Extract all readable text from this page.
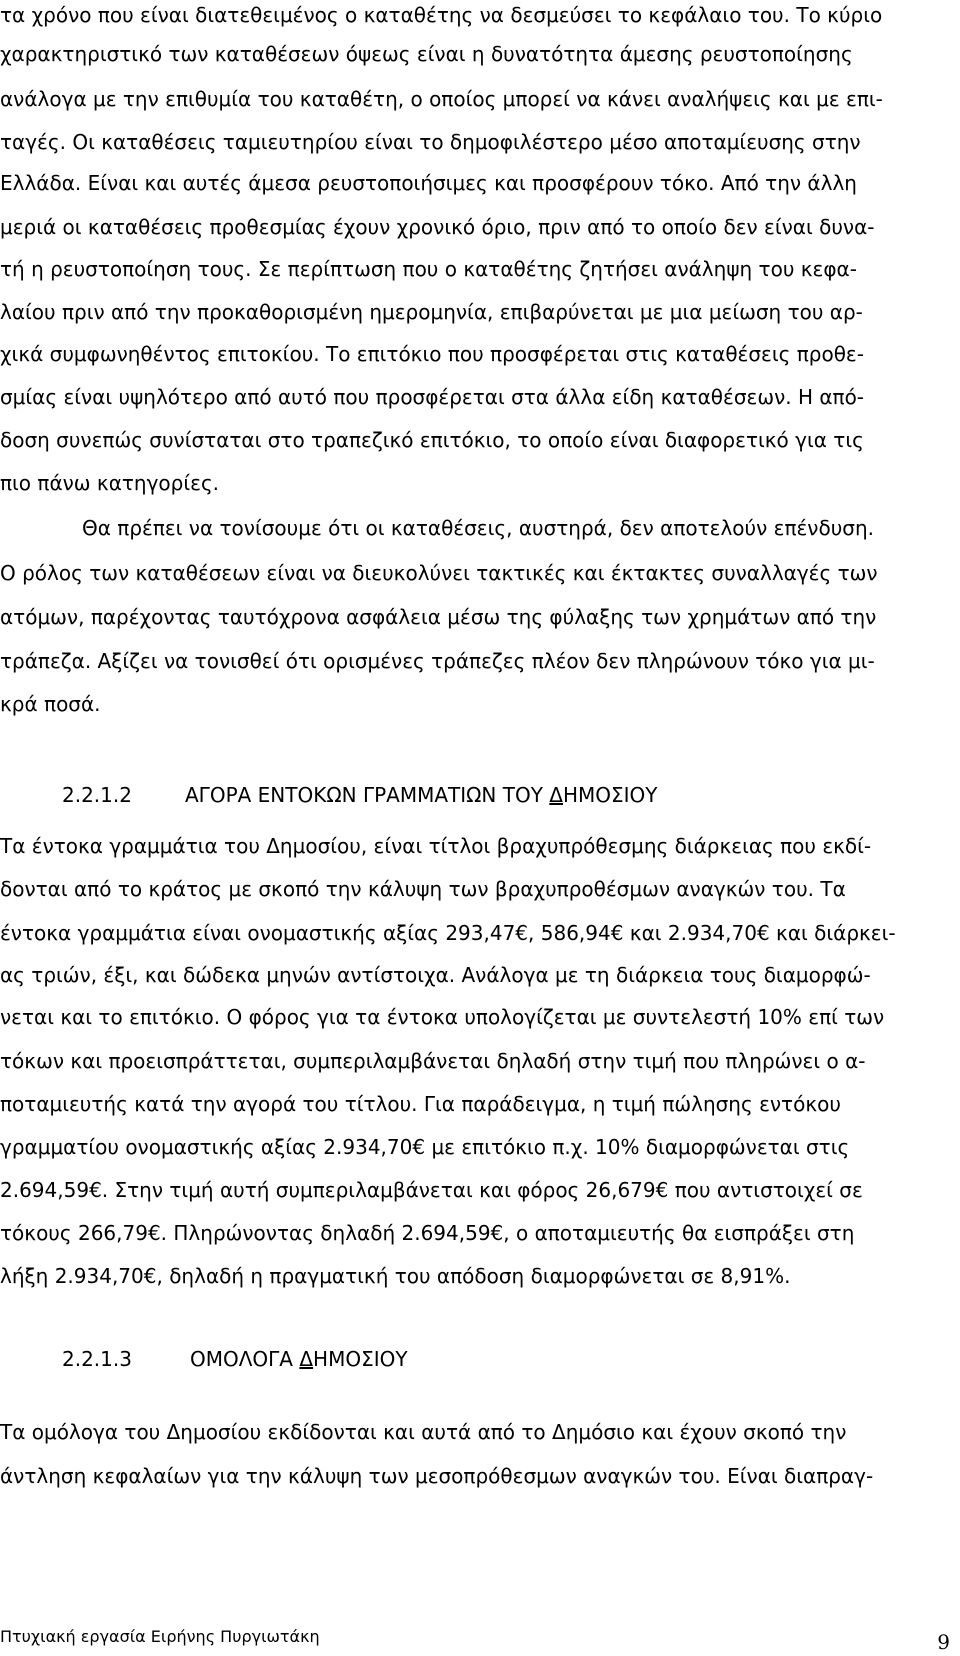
τα χρόνο που είναι διατεθειμένος ο καταθέτης να δεσμεύσει το κεφάλαιο του. Το κύριο
χαρακτηριστικό των καταθέσεων όψεως είναι η δυνατότητα άμεσης ρευστοποίησης
ανάλογα με την επιθυμία του καταθέτη, ο οποίος μπορεί να κάνει αναλήψεις και με επι-
ταγές. Οι καταθέσεις ταμιευτηρίου είναι το δημοφιλέστερο μέσο αποταμίευσης στην
Ελλάδα. Είναι και αυτές άμεσα ρευστοποιήσιμες και προσφέρουν τόκο. Από την άλλη
μεριά οι καταθέσεις προθεσμίας έχουν χρονικό όριο, πριν από το οποίο δεν είναι δυνα-
τή η ρευστοποίηση τους. Σε περίπτωση που ο καταθέτης ζητήσει ανάληψη του κεφα-
λαίου πριν από την προκαθορισμένη ημερομηνία, επιβαρύνεται με μια μείωση του αρ-
χικά συμφωνηθέντος επιτοκίου. Το επιτόκιο που προσφέρεται στις καταθέσεις προθε-
σμίας είναι υψηλότερο από αυτό που προσφέρεται στα άλλα είδη καταθέσεων. Η από-
δοση συνεπώς συνίσταται στο τραπεζικό επιτόκιο, το οποίο είναι διαφορετικό για τις
πιο πάνω κατηγορίες.
Θα πρέπει να τονίσουμε ότι οι καταθέσεις, αυστηρά, δεν αποτελούν επένδυση.
Ο ρόλος των καταθέσεων είναι να διευκολύνει τακτικές και έκτακτες συναλλαγές των
ατόμων, παρέχοντας ταυτόχρονα ασφάλεια μέσω της φύλαξης των χρημάτων από την
τράπεζα. Αξίζει να τονισθεί ότι ορισμένες τράπεζες πλέον δεν πληρώνουν τόκο για μι-
κρά ποσά.
2.2.1.2	ΑΓΟΡΑ ΕΝΤΟΚΩΝ ΓΡΑΜΜΑΤΙΩΝ ΤΟΥ ΔΗΜΟΣΙΟΥ
Τα έντοκα γραμμάτια του Δημοσίου, είναι τίτλοι βραχυπρόθεσμης διάρκειας που εκδί-
δονται από το κράτος με σκοπό την κάλυψη των βραχυπροθέσμων αναγκών του. Τα
έντοκα γραμμάτια είναι ονομαστικής αξίας 293,47€, 586,94€ και 2.934,70€ και διάρκει-
ας τριών, έξι, και δώδεκα μηνών αντίστοιχα. Ανάλογα με τη διάρκεια τους διαμορφώ-
νεται και το επιτόκιο. Ο φόρος για τα έντοκα υπολογίζεται με συντελεστή 10% επί των
τόκων και προεισπράττεται, συμπεριλαμβάνεται δηλαδή στην τιμή που πληρώνει ο α-
ποταμιευτής κατά την αγορά του τίτλου. Για παράδειγμα, η τιμή πώλησης εντόκου
γραμματίου ονομαστικής αξίας 2.934,70€ με επιτόκιο π.χ. 10% διαμορφώνεται στις
2.694,59€. Στην τιμή αυτή συμπεριλαμβάνεται και φόρος 26,679€ που αντιστοιχεί σε
τόκους 266,79€. Πληρώνοντας δηλαδή 2.694,59€, ο αποταμιευτής θα εισπράξει στη
λήξη 2.934,70€, δηλαδή η πραγματική του απόδοση διαμορφώνεται σε 8,91%.
2.2.1.3	ΟΜΟΛΟΓΑ ΔΗΜΟΣΙΟΥ
Τα ομόλογα του Δημοσίου εκδίδονται και αυτά από το Δημόσιο και έχουν σκοπό την
άντληση κεφαλαίων για την κάλυψη των μεσοπρόθεσμων αναγκών του. Είναι διαπραγ-
Πτυχιακή εργασία Ειρήνης Πυργιωτάκη	9
